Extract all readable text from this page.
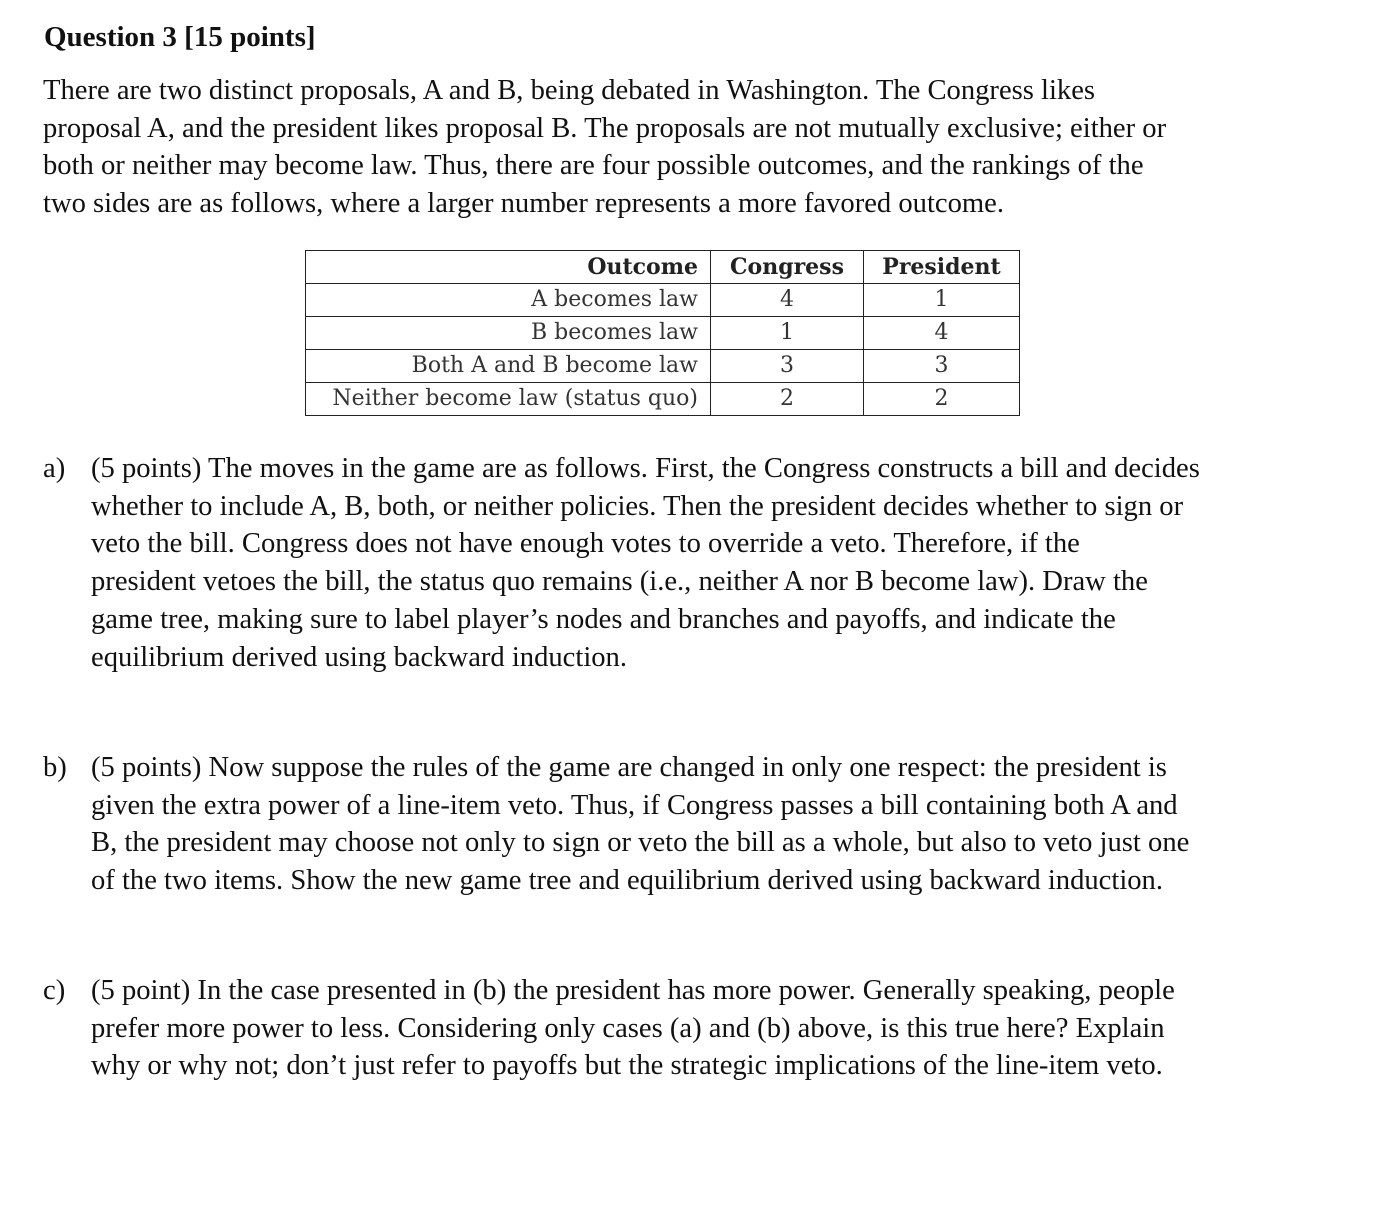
Question 3 [15 points]

There are two distinct proposals, A and B, being debated in Washington. The Congress likes
proposal A, and the president likes proposal B. The proposals are not mutually exclusive; either or
both or neither may become law. Thus, there are four possible outcomes, and the rankings of the
two sides are as follows, where a larger number represents a more favored outcome.

Outcome	Congress	President
A becomes law	4	1
B becomes law	1	4
Both A and B become law	3	3
Neither become law (status quo)	2	2
a) (5 points) The moves in the game are as follows. First, the Congress constructs a bill and decides
whether to include A, B, both, or neither policies. Then the president decides whether to sign or
veto the bill. Congress does not have enough votes to override a veto. Therefore, if the
president vetoes the bill, the status quo remains (i.e., neither A nor B become law). Draw the
game tree, making sure to label player’s nodes and branches and payoffs, and indicate the
equilibrium derived using backward induction.
b) (5 points) Now suppose the rules of the game are changed in only one respect: the president is
given the extra power of a line-item veto. Thus, if Congress passes a bill containing both A and
B, the president may choose not only to sign or veto the bill as a whole, but also to veto just one
of the two items. Show the new game tree and equilibrium derived using backward induction.
c) (5 point) In the case presented in (b) the president has more power. Generally speaking, people
prefer more power to less. Considering only cases (a) and (b) above, is this true here? Explain
why or why not; don’t just refer to payoffs but the strategic implications of the line-item veto.
